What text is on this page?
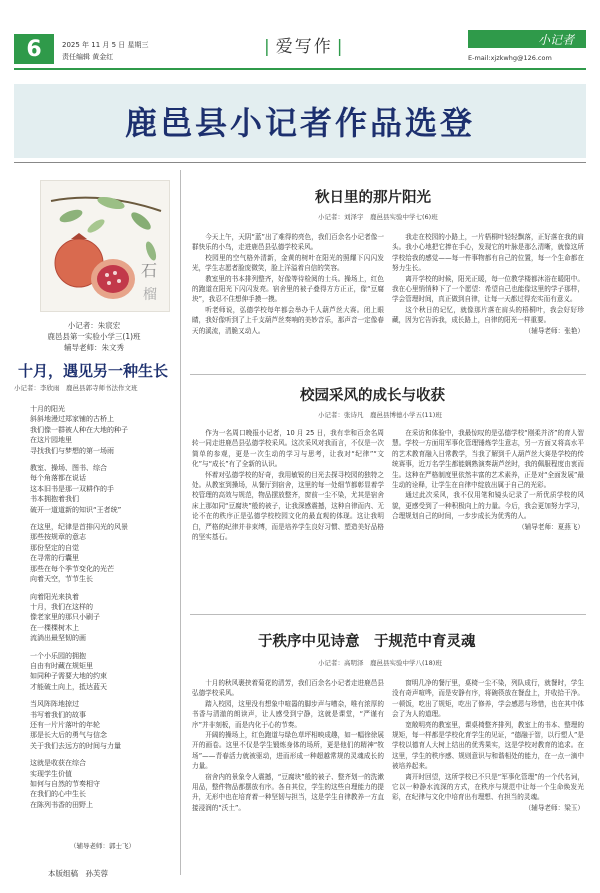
6	2025 年 11 月 5 日 星期三
责任编辑 黄金红	| 爱写作 |	小记者
E-mail:xjzkwhg@126.com
鹿邑县小记者作品选登
石
榴
小记者：朱宸宏
鹿邑县第一实验小学三(1)班
辅导老师：朱文秀
十月，遇见另一种生长
小记者：李欣雨　鹿邑县郭寺师书法作文班
十月的阳光
斜斜地漫过郑家铺的古桥上
我们像一群被人种在大地的种子
在这片园地里
寻找我们与梦想的第一场雨
教室、操场、图书、综合
每个角落都在说话
这本旧书是那一双耕作的手
书本拥抱着我们
破开一道道新的知识“王者统”
在这里，纪律是首排闪光的风景
那些按规章的意志
那份坚定的自觉
在寻常的行囊里
那些在每个季节变化的光芒
向着天空，节节生长
向着阳光来执着
十月，我们在这样的
像老家里的那只小刷子
在一棵棵树木上
流淌出最坚韧的画
一个小乐园的拥抱
自由有时藏在规矩里
如同种子需要大地的约束
才能破土向上，抵达蓝天
当风阵阵地掠过
书写着我们的故事
还有一片片落叶的年轮
那是长大后的勇气与信念
关于我们去远方的时间与力量
这就是收获在综合
实现学生价值
如何与自然的节奏相守
在我们的心中生长
在陈列书香的田野上
（辅导老师：郭士飞）
本版组稿　孙芙蓉
秋日里的那片阳光
小记者：刘泽宇　鹿邑县实验中学七(6)班

今天上午，天阴“蓝”出了难得的亮色，我们百余名小记者像一群快乐的小鸟，走进鹿邑县弘德学校采风。

校园里的空气格外清新，金黄的树叶在阳光的照耀下闪闪发光，学生志愿者脸庞微笑，脸上洋溢着自信的笑容。

教室里的书本排列整齐，好像等待检阅的士兵。操场上，红色的跑道在阳光下闪闪发亮。宿舍里的被子叠得方方正正，像“豆腐块”，我忍不住想伸手摸一摸。

听老师说，弘德学校每年都会举办千人葫芦丝大赛。闭上眼睛，我好像听到了上千支葫芦丝奏响的美妙音乐，那声音一定像春天的溪流，清脆又动人。

我走在校园的小路上，一片梧桐叶轻轻飘落，正好落在我的肩头。我小心地把它捧在手心，发现它的叶脉是那么清晰，就像这所学校给我的感觉——每一件事物都有自己的位置，每一个生命都在努力生长。

离开学校的时候，阳光正暖，每一位教学楼都沐浴在暖阳中。我在心里悄悄种下了一个愿望：希望自己也能像这里的学子那样，学会管理时间，真正做到自律，让每一天都过得充实而有意义。

这个秋日的记忆，就像那片落在肩头的梧桐叶，我会好好珍藏，因为它告诉我，成长路上，自律的阳光一样重要。

（辅导老师：张艳）
校园采风的成长与收获
小记者：张诗凡　鹿邑县博德小学五(11)班

作为一名周口晚报小记者，10 月 25 日，我有幸和百余名周转一同走进鹿邑县弘德学校采风。这次采风对我而言，不仅是一次简单的参观，更是一次生动的学习与思考，让我对“纪律”“文化”与“成长”有了全新的认识。

怀着对弘德学校的好奇，我用敏锐的目光去探寻校园的独特之处。从教室到操场，从餐厅到宿舍，这里的每一处细节都彰显着学校管理的高效与规范，物品摆放整齐，窗前一尘不染，尤其是宿舍床上那如同“豆腐块”般的被子，让我深感震撼，这种自律而内、无论不在的秩序正是弘德学校校园文化的最直观的体现。这让我明白，严格的纪律并非束缚，而是培养学生良好习惯、塑造美好品格的坚实基石。

在采访和体验中，我最惊叹的是弘德学校“刚柔并济”的育人智慧。学校一方面用军事化管理锤炼学生意志，另一方面又将高水平的艺术教育融入日常教学，当我了解到千人葫芦丝大赛是学校的传统赛事，近万名学生都能娴熟演奏葫芦丝时，我的佩服程度由衷而生。这种在严格制度里依然丰富的艺术素养，正是对“全面发展”最生动的诠释，让学生在自律中绽放出属于自己的光彩。

通过此次采风，我不仅用笔和镜头记录了一所优质学校的风貌，更感受到了一种积极向上的力量。今后，我会更加努力学习，合理规划自己的时间，一步步成长为优秀的人。

（辅导老师：夏燕飞）
于秩序中见诗意　于规范中育灵魂
小记者：高明泽　鹿邑县实验中学八(18)班

十月的秋风裹挟着菊花的清芳，我们百余名小记者走进鹿邑县弘德学校采风。

踏入校园，这里没有想象中喧嚣的脚步声与嘈杂，唯有浓厚的书香与清澈的朗读声，让人感受到宁静，这就是课堂，“严谨有序”并非刻板，而是内化于心的节奏。

开阔的操场上，红色跑道与绿色草坪相映成趣，如一幅徐徐展开的画卷。这里不仅是学生锻炼身体的场所，更是他们的精神“牧场”——青春活力就被驱动，进而形成一种超越常规的灵魂成长的力量。

宿舍内的景象令人震撼，“豆腐块”般的被子、整齐划一的洗漱用品，整件物品都摆放有序。各自其位，学生的这些自理能力的提升，无形中也在培育着一种坚韧与担当，这是学生自律教养一方直接浸润的“沃土”。

窗明几净的餐厅里，桌椅一尘不染，列队成行，就餐时，学生没有奇声喧哗，而是安静有序，将碗筷放在餐盘上，并收拾干净。一顿饭，吃出了规矩，吃出了修养，学会感恩与珍惜，也在其中体会了为人的道理。

宽敞明亮的教室里，课桌椅整齐排列，教室上的书本、整理的规矩，每一样都是学校化育学生的见证，“德融于智，以行塑人”是学校以德育人大树上结出的优秀果实，这是学校对教育的追求。在这里，学生的秩序感、规则意识与和谐相处的能力，在一点一滴中被培养起来。

离开时回望，这所学校已不只是“军事化管理”的一个代名词，它以一种静水流深的方式，在秩序与规范中让每一个生命焕发光彩，在纪律与文化中培育出有理想、有担当的灵魂。

（辅导老师：梁玉）
